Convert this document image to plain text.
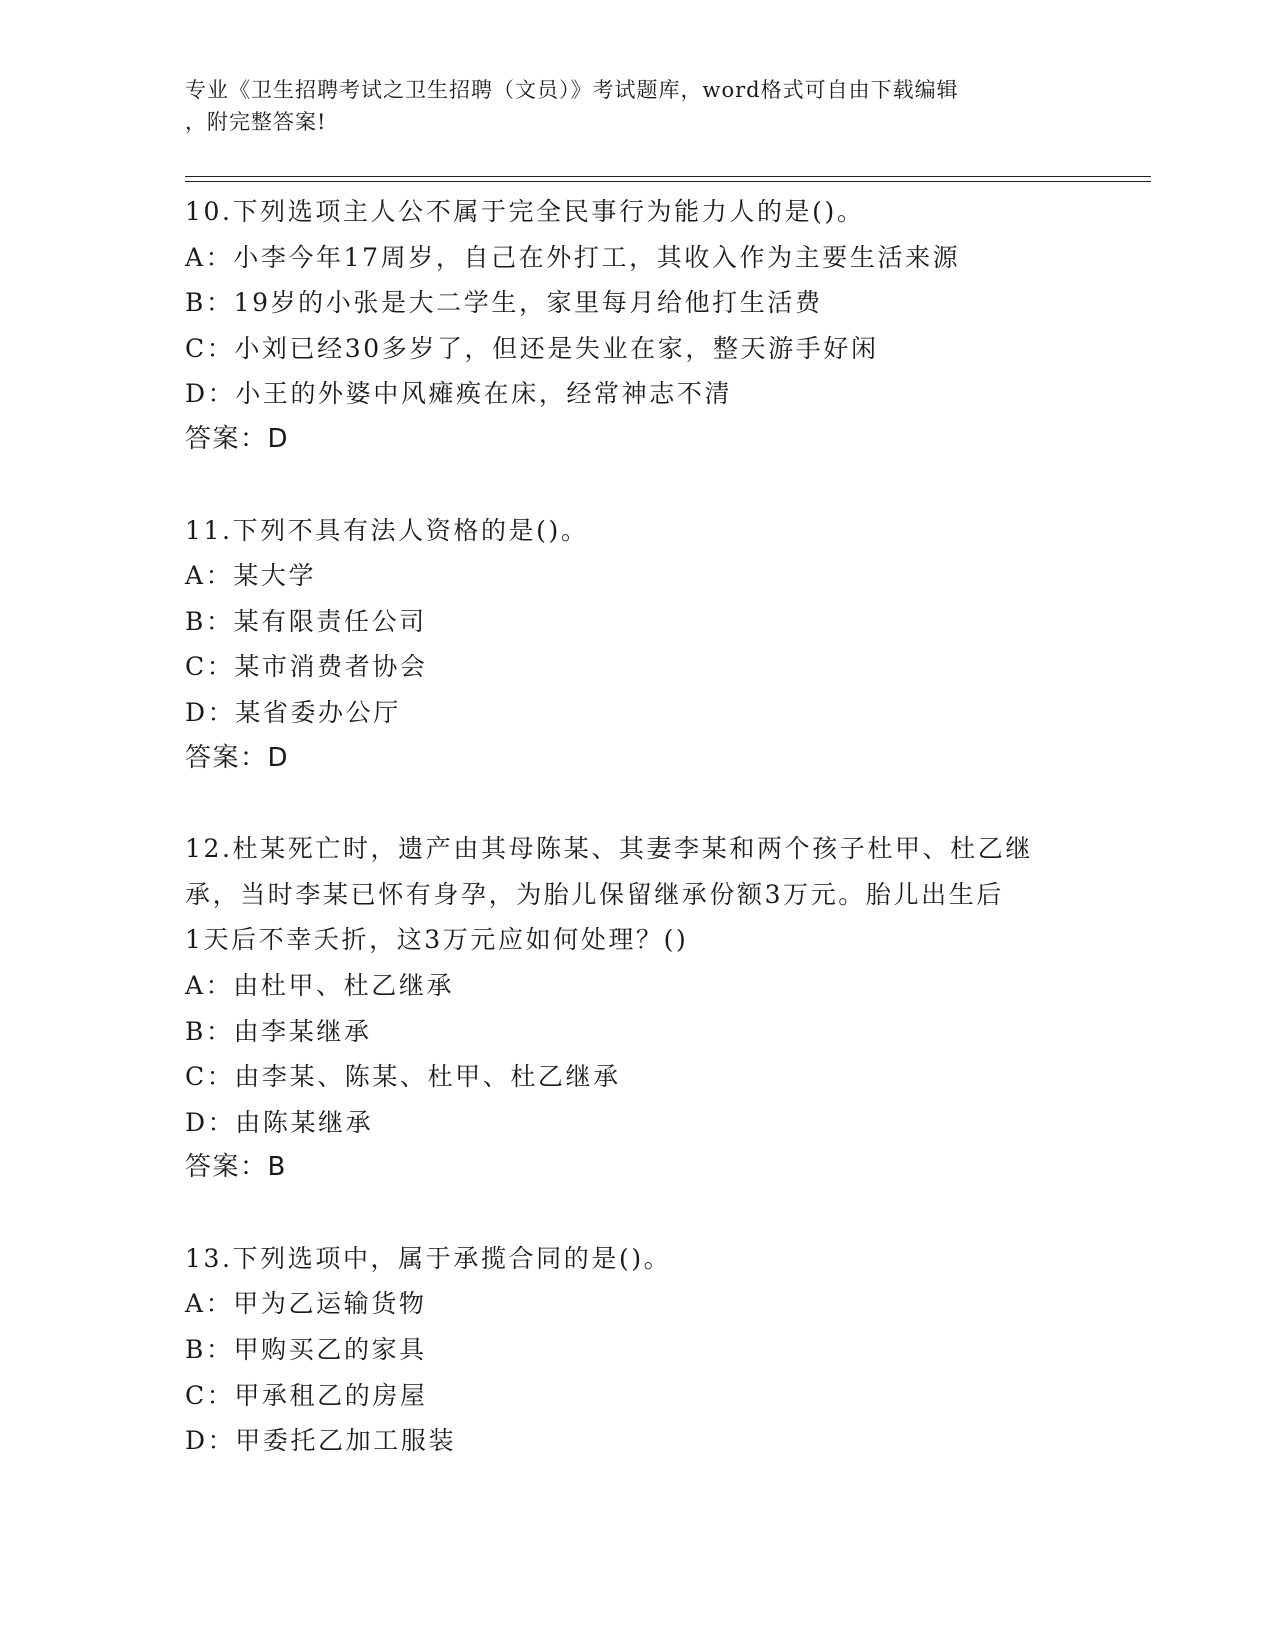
专业《卫生招聘考试之卫生招聘（文员）》考试题库，word格式可自由下载编辑
，附完整答案!
10.下列选项主人公不属于完全民事行为能力人的是()。
A：小李今年17周岁，自己在外打工，其收入作为主要生活来源
B：19岁的小张是大二学生，家里每月给他打生活费
C：小刘已经30多岁了，但还是失业在家，整天游手好闲
D：小王的外婆中风瘫痪在床，经常神志不清
答案：D
11.下列不具有法人资格的是()。
A：某大学
B：某有限责任公司
C：某市消费者协会
D：某省委办公厅
答案：D
12.杜某死亡时，遗产由其母陈某、其妻李某和两个孩子杜甲、杜乙继
承，当时李某已怀有身孕，为胎儿保留继承份额3万元。胎儿出生后
1天后不幸夭折，这3万元应如何处理？()
A：由杜甲、杜乙继承
B：由李某继承
C：由李某、陈某、杜甲、杜乙继承
D：由陈某继承
答案：B
13.下列选项中，属于承揽合同的是()。
A：甲为乙运输货物
B：甲购买乙的家具
C：甲承租乙的房屋
D：甲委托乙加工服装
